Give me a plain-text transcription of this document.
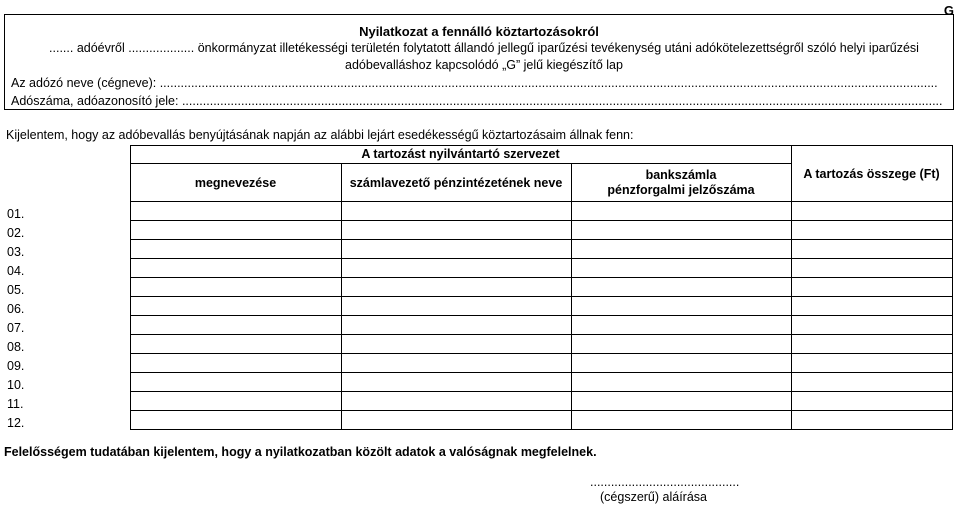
G
Nyilatkozat a fennálló köztartozásokról
....... adóévről ................... önkormányzat illetékességi területén folytatott állandó jellegű iparűzési tevékenység utáni adókötelezettségről szóló helyi iparűzési adóbevalláshoz kapcsolódó „G” jelű kiegészítő lap
Az adózó neve (cégneve): ................................................................................................................................................................................................................................
Adószáma, adóazonosító jele: ...........................................................................................................................................................................................................................
Kijelentem, hogy az adóbevallás benyújtásának napján az alábbi lejárt esedékességű köztartozásaim állnak fenn:
	A tartozást nyilvántartó szervezet			A tartozás összege (Ft)
	megnevezése	számlavezető pénzintézetének neve	bankszámla
pénzforgalmi jelzőszáma	

01.				
02.				
03.				
04.				
05.				
06.				
07.				
08.				
09.				
10.				
11.				
12.				
Felelősségem tudatában kijelentem, hogy a nyilatkozatban közölt adatok a valóságnak megfelelnek.
...........................................
(cégszerű) aláírása
